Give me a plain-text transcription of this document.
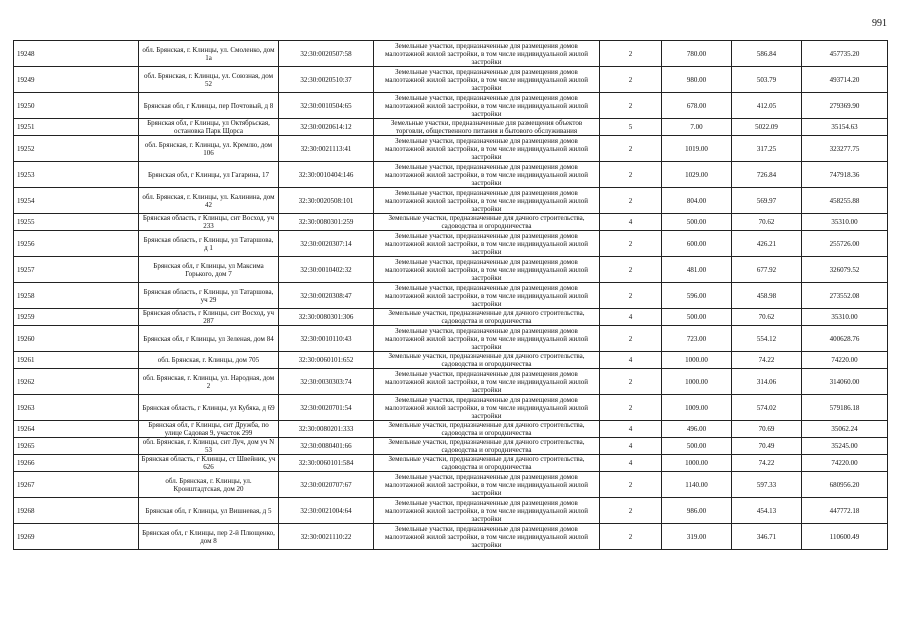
991
19248	обл. Брянская, г. Клинцы, ул. Смоленко, дом 1а	32:30:0020507:58	Земельные участки, предназначенные для размещения домов малоэтажной жилой застройки, в том числе индивидуальной жилой застройки	2	780.00	586.84	457735.20
19249	обл. Брянская, г. Клинцы, ул. Союзная, дом 52	32:30:0020510:37	Земельные участки, предназначенные для размещения домов малоэтажной жилой застройки, в том числе индивидуальной жилой застройки	2	980.00	503.79	493714.20
19250	Брянская обл, г Клинцы, пер Почтовый, д 8	32:30:0010504:65	Земельные участки, предназначенные для размещения домов малоэтажной жилой застройки, в том числе индивидуальной жилой застройки	2	678.00	412.05	279369.90
19251	Брянская обл, г Клинцы, ул Октябрьская, остановка Парк Щорса	32:30:0020614:12	Земельные участки, предназначенные для размещения объектов торговли, общественного питания и бытового обслуживания	5	7.00	5022.09	35154.63
19252	обл. Брянская, г. Клинцы, ул. Кремлю, дом 106	32:30:0021113:41	Земельные участки, предназначенные для размещения домов малоэтажной жилой застройки, в том числе индивидуальной жилой застройки	2	1019.00	317.25	323277.75
19253	Брянская обл, г Клинцы, ул Гагарина, 17	32:30:0010404:146	Земельные участки, предназначенные для размещения домов малоэтажной жилой застройки, в том числе индивидуальной жилой застройки	2	1029.00	726.84	747918.36
19254	обл. Брянская, г. Клинцы, ул. Калинина, дом 42	32:30:0020508:101	Земельные участки, предназначенные для размещения домов малоэтажной жилой застройки, в том числе индивидуальной жилой застройки	2	804.00	569.97	458255.88
19255	Брянская область, г Клинцы, снт Восход, уч 233	32:30:0080301:259	Земельные участки, предназначенные для дачного строительства, садоводства и огородничества	4	500.00	70.62	35310.00
19256	Брянская область, г Клинцы, ул Татаршова, д 1	32:30:0020307:14	Земельные участки, предназначенные для размещения домов малоэтажной жилой застройки, в том числе индивидуальной жилой застройки	2	600.00	426.21	255726.00
19257	Брянская обл, г Клинцы, ул Максима Горького, дом 7	32:30:0010402:32	Земельные участки, предназначенные для размещения домов малоэтажной жилой застройки, в том числе индивидуальной жилой застройки	2	481.00	677.92	326079.52
19258	Брянская область, г Клинцы, ул Татаршова, уч 29	32:30:0020308:47	Земельные участки, предназначенные для размещения домов малоэтажной жилой застройки, в том числе индивидуальной жилой застройки	2	596.00	458.98	273552.08
19259	Брянская область, г Клинцы, снт Восход, уч 287	32:30:0080301:306	Земельные участки, предназначенные для дачного строительства, садоводства и огородничества	4	500.00	70.62	35310.00
19260	Брянская обл, г Клинцы, ул Зеленая, дом 84	32:30:0010110:43	Земельные участки, предназначенные для размещения домов малоэтажной жилой застройки, в том числе индивидуальной жилой застройки	2	723.00	554.12	400628.76
19261	обл. Брянская, г. Клинцы, дом 705	32:30:0060101:652	Земельные участки, предназначенные для дачного строительства, садоводства и огородничества	4	1000.00	74.22	74220.00
19262	обл. Брянская, г. Клинцы, ул. Народная, дом 2	32:30:0030303:74	Земельные участки, предназначенные для размещения домов малоэтажной жилой застройки, в том числе индивидуальной жилой застройки	2	1000.00	314.06	314060.00
19263	Брянская область, г Клинцы, ул Кубяка, д 69	32:30:0020701:54	Земельные участки, предназначенные для размещения домов малоэтажной жилой застройки, в том числе индивидуальной жилой застройки	2	1009.00	574.02	579186.18
19264	Брянская обл, г Клинцы, снт Дружба, по улице Садовая 9, участок 299	32:30:0080201:333	Земельные участки, предназначенные для дачного строительства, садоводства и огородничества	4	496.00	70.69	35062.24
19265	обл. Брянская, г. Клинцы, снт Луч, дом уч N 53	32:30:0080401:66	Земельные участки, предназначенные для дачного строительства, садоводства и огородничества	4	500.00	70.49	35245.00
19266	Брянская область, г Клинцы, ст Швейник, уч 626	32:30:0060101:584	Земельные участки, предназначенные для дачного строительства, садоводства и огородничества	4	1000.00	74.22	74220.00
19267	обл. Брянская, г. Клинцы, ул. Кронштадтская, дом 20	32:30:0020707:67	Земельные участки, предназначенные для размещения домов малоэтажной жилой застройки, в том числе индивидуальной жилой застройки	2	1140.00	597.33	680956.20
19268	Брянская обл, г Клинцы, ул Вишневая, д 5	32:30:0021004:64	Земельные участки, предназначенные для размещения домов малоэтажной жилой застройки, в том числе индивидуальной жилой застройки	2	986.00	454.13	447772.18
19269	Брянская обл, г Клинцы, пер 2-й Плющенко, дом 8	32:30:0021110:22	Земельные участки, предназначенные для размещения домов малоэтажной жилой застройки, в том числе индивидуальной жилой застройки	2	319.00	346.71	110600.49
